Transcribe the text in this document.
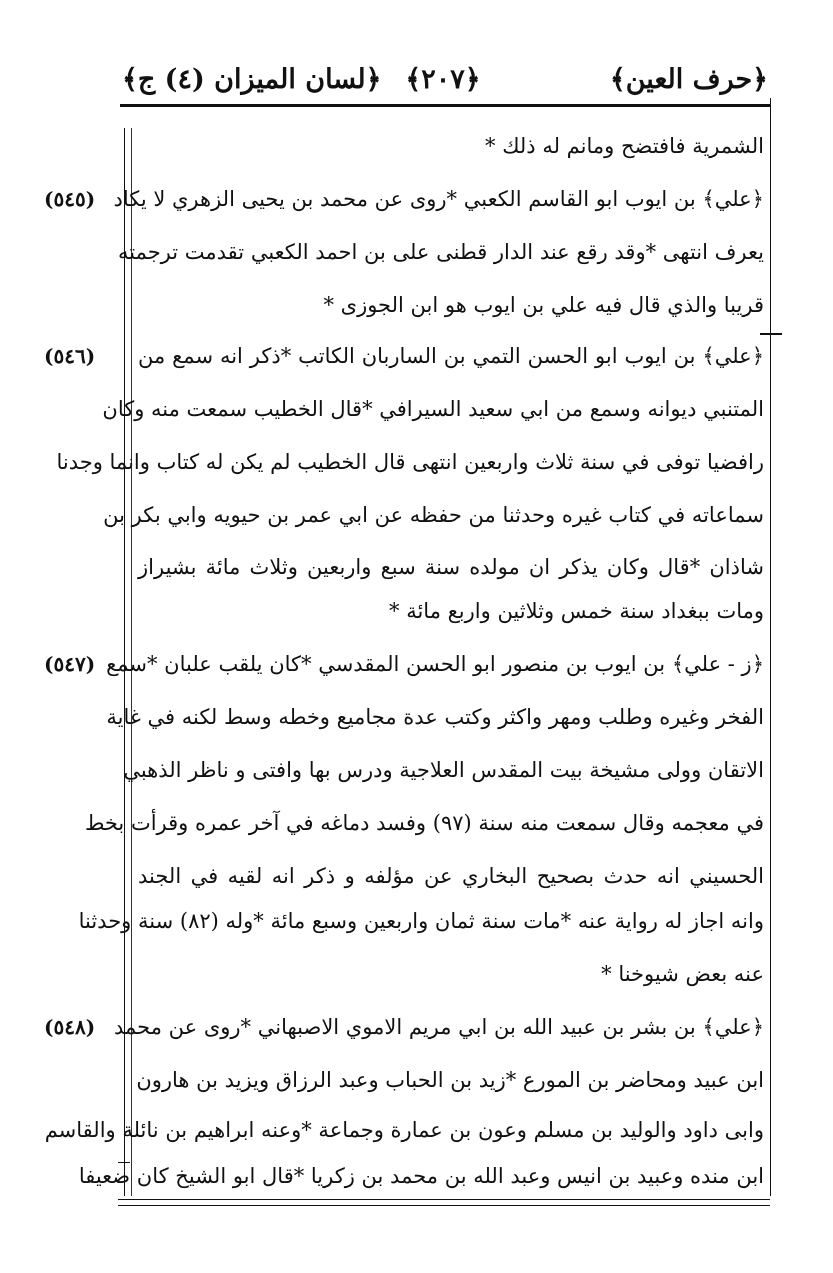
﴿حرف العين﴾
﴿٢٠٧﴾
﴿لسان الميزان (٤) ج﴾
الشمرية فافتضح ومانم له ذلك *
(٥٤٥) ﴿علي﴾ بن ايوب ابو القاسم الكعبي *روى عن محمد بن يحيى الزهري لا يكاد
يعرف انتهى *وقد رقع عند الدار قطنى على بن احمد الكعبي تقدمت ترجمته
قريبا والذي قال فيه علي بن ايوب هو ابن الجوزى *
(٥٤٦)	﴿علي﴾ بن ايوب ابو الحسن التمي بن الساربان الكاتب *ذكر انه سمع من
المتنبي ديوانه وسمع من ابي سعيد السيرافي *قال الخطيب سمعت منه وكان
رافضيا توفى في سنة ثلاث واربعين انتهى قال الخطيب لم يكن له كتاب وانما وجدنا
سماعاته في كتاب غيره وحدثنا من حفظه عن ابي عمر بن حيويه وابي بكر بن
شاذان *قال وكان يذكر ان مولده سنة سبع واربعين وثلاث مائة بشيراز
ومات ببغداد سنة خمس وثلاثين واربع مائة *
(٥٤٧) ﴿ز - علي﴾ بن ايوب بن منصور ابو الحسن المقدسي *كان يلقب علبان *سمع
الفخر وغيره وطلب ومهر واكثر وكتب عدة مجاميع وخطه وسط لكنه في غاية
الاتقان وولى مشيخة بيت المقدس العلاجية ودرس بها وافتى و ناظر الذهبي
في معجمه وقال سمعت منه سنة (٩٧) وفسد دماغه في آخر عمره وقرأت بخط
الحسيني انه حدث بصحيح البخاري عن مؤلفه و ذكر انه لقيه في الجند
وانه اجاز له رواية عنه *مات سنة ثمان واربعين وسبع مائة *وله (٨٢) سنة وحدثنا
عنه بعض شيوخنا *
(٥٤٨) ﴿علي﴾ بن بشر بن عبيد الله بن ابي مريم الاموي الاصبهاني *روى عن محمد
ابن عبيد ومحاضر بن المورع *زيد بن الحباب وعبد الرزاق ويزيد بن هارون
وابى داود والوليد بن مسلم وعون بن عمارة وجماعة *وعنه ابراهيم بن نائلة والقاسم
ابن منده وعبيد بن انيس وعبد الله بن محمد بن زكريا *قال ابو الشيخ كان ضعيفا
